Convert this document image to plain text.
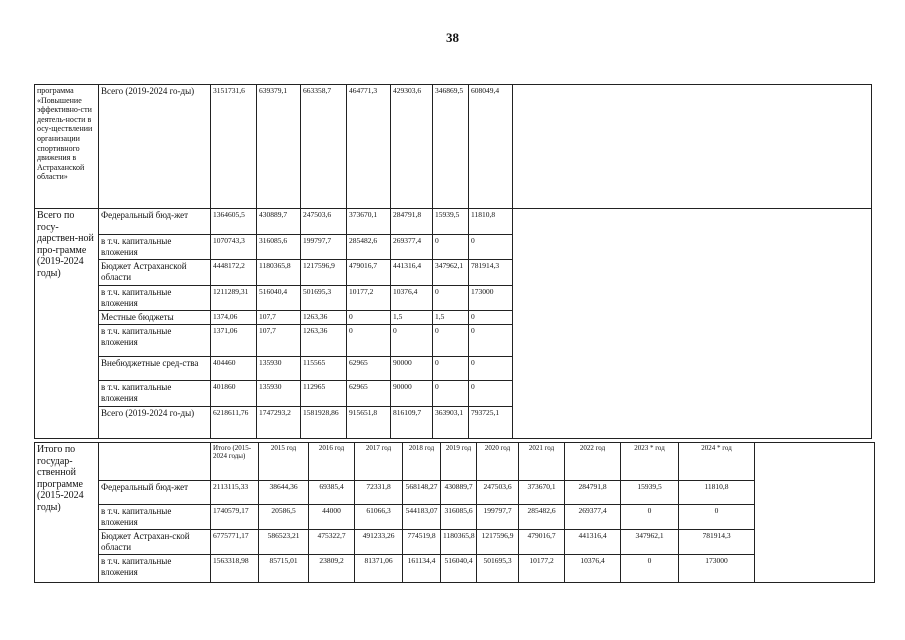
38
программа «Повышение эффективно-сти деятель-ности в осу-ществлении организации спортивного движения в Астраханской области»	Всего (2019-2024 го-ды)	3151731,6	639379,1	663358,7	464771,3	429303,6	346869,5	608049,4	
Всего по госу-дарствен-ной про-грамме (2019-2024 годы)	Федеральный бюд-жет	1364605,5	430889,7	247503,6	373670,1	284791,8	15939,5	11810,8	
	в т.ч. капитальные вложения	1070743,3	316085,6	199797,7	285482,6	269377,4	0	0	
	Бюджет Астраханской области	4448172,2	1180365,8	1217596,9	479016,7	441316,4	347962,1	781914,3	
	в т.ч. капитальные вложения	1211289,31	516040,4	501695,3	10177,2	10376,4	0	173000	
	Местные бюджеты	1374,06	107,7	1263,36	0	1,5	1,5	0	
	в т.ч. капитальные вложения	1371,06	107,7	1263,36	0	0	0	0	
	Внебюджетные сред-ства	404460	135930	115565	62965	90000	0	0	
	в т.ч. капитальные вложения	401860	135930	112965	62965	90000	0	0	
	Всего (2019-2024 го-ды)	6218611,76	1747293,2	1581928,86	915651,8	816109,7	363903,1	793725,1	
Итого по государ-ственной программе (2015-2024 годы)		Итого (2015-2024 годы)	2015 год	2016 год	2017 год	2018 год	2019 год	2020 год	2021 год	2022 год	2023 * год	2024 * год		
	Федеральный бюд-жет	2113115,33	38644,36	69385,4	72331,8	568148,27	430889,7	247503,6	373670,1	284791,8	15939,5	11810,8		
	в т.ч. капитальные вложения	1740579,17	20586,5	44000	61066,3	544183,07	316085,6	199797,7	285482,6	269377,4	0	0		
	Бюджет Астрахан-ской области	6775771,17	586523,21	475322,7	491233,26	774519,8	1180365,8	1217596,9	479016,7	441316,4	347962,1	781914,3		
	в т.ч. капитальные вложения	1563318,98	85715,01	23809,2	81371,06	161134,4	516040,4	501695,3	10177,2	10376,4	0	173000		
